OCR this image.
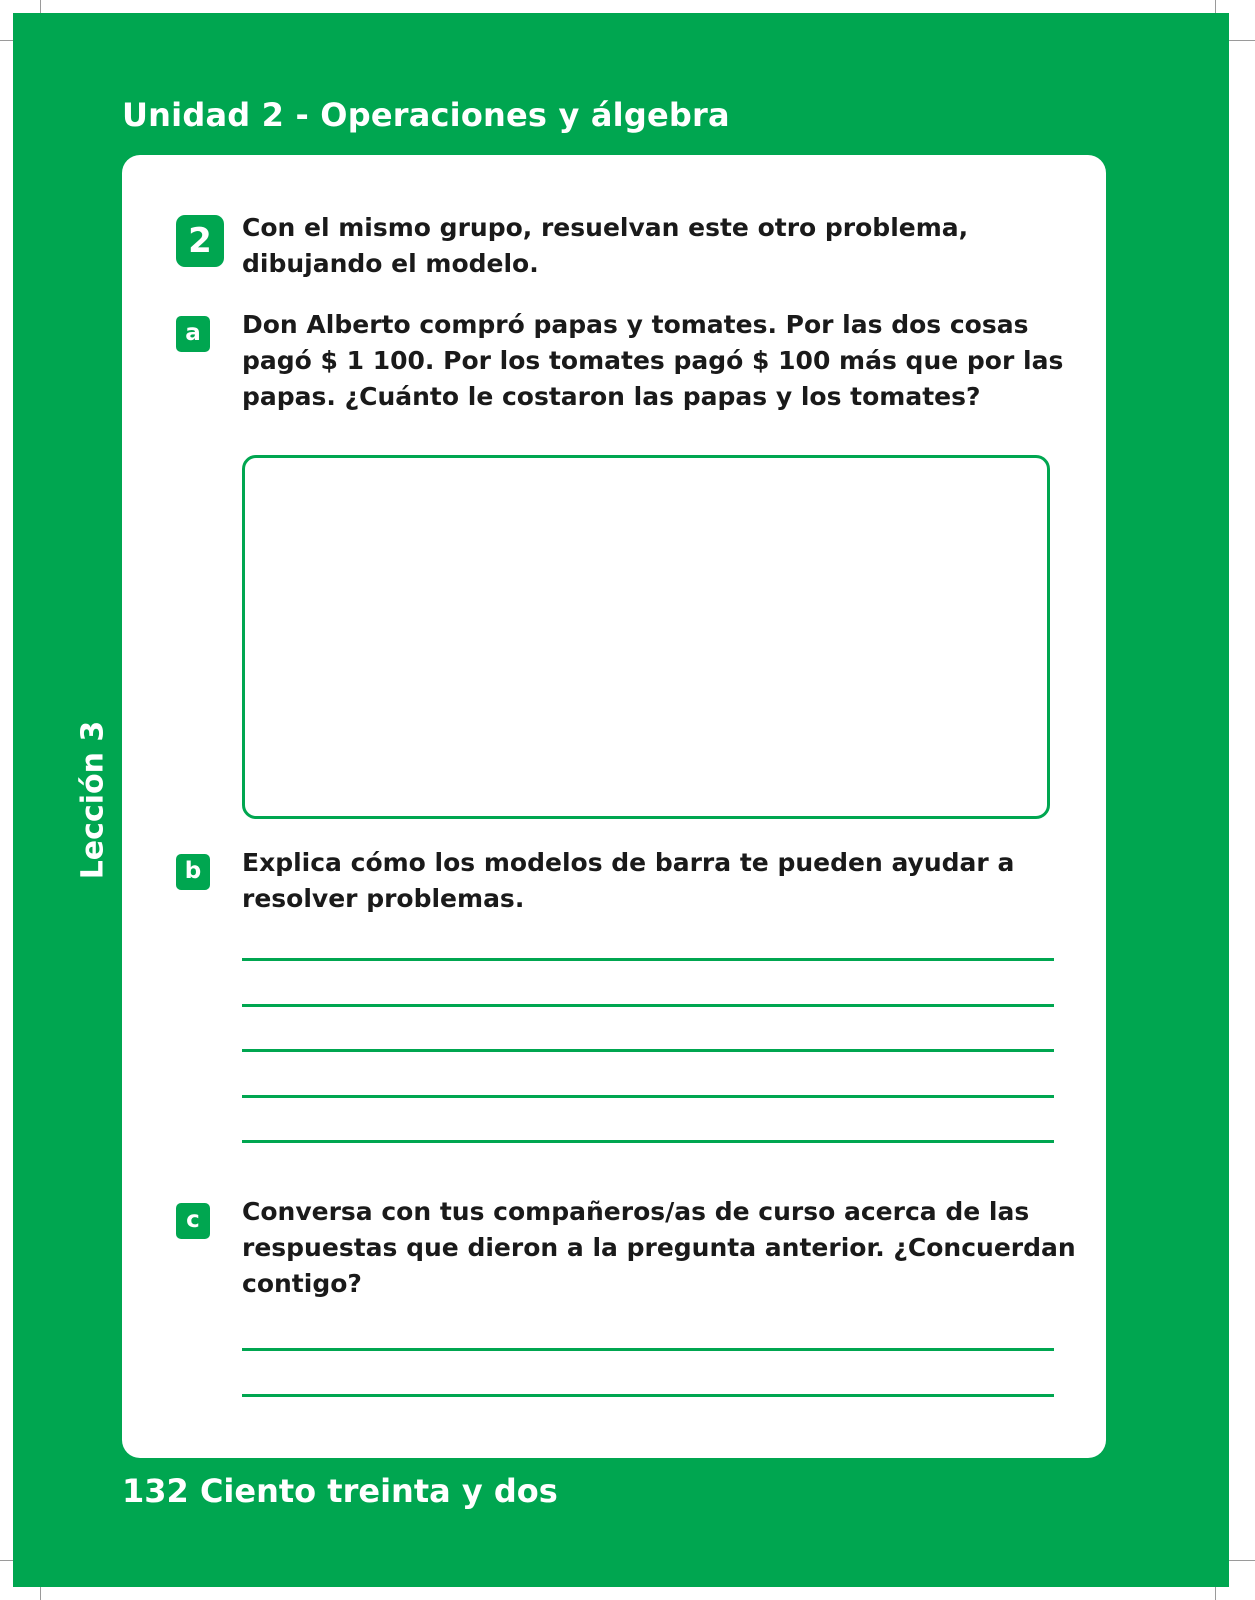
Unidad 2 - Operaciones y álgebra
Lección 3
2	Con el mismo grupo, resuelvan este otro problema, dibujando el modelo.

a	Don Alberto compró papas y tomates. Por las dos cosas pagó $ 1 100. Por los tomates pagó $ 100 más que por las papas. ¿Cuánto le costaron las papas y los tomates?

b	Explica cómo los modelos de barra te pueden ayudar a resolver problemas.

c	Conversa con tus compañeros/as de curso acerca de las respuestas que dieron a la pregunta anterior. ¿Concuerdan contigo?

132 Ciento treinta y dos
